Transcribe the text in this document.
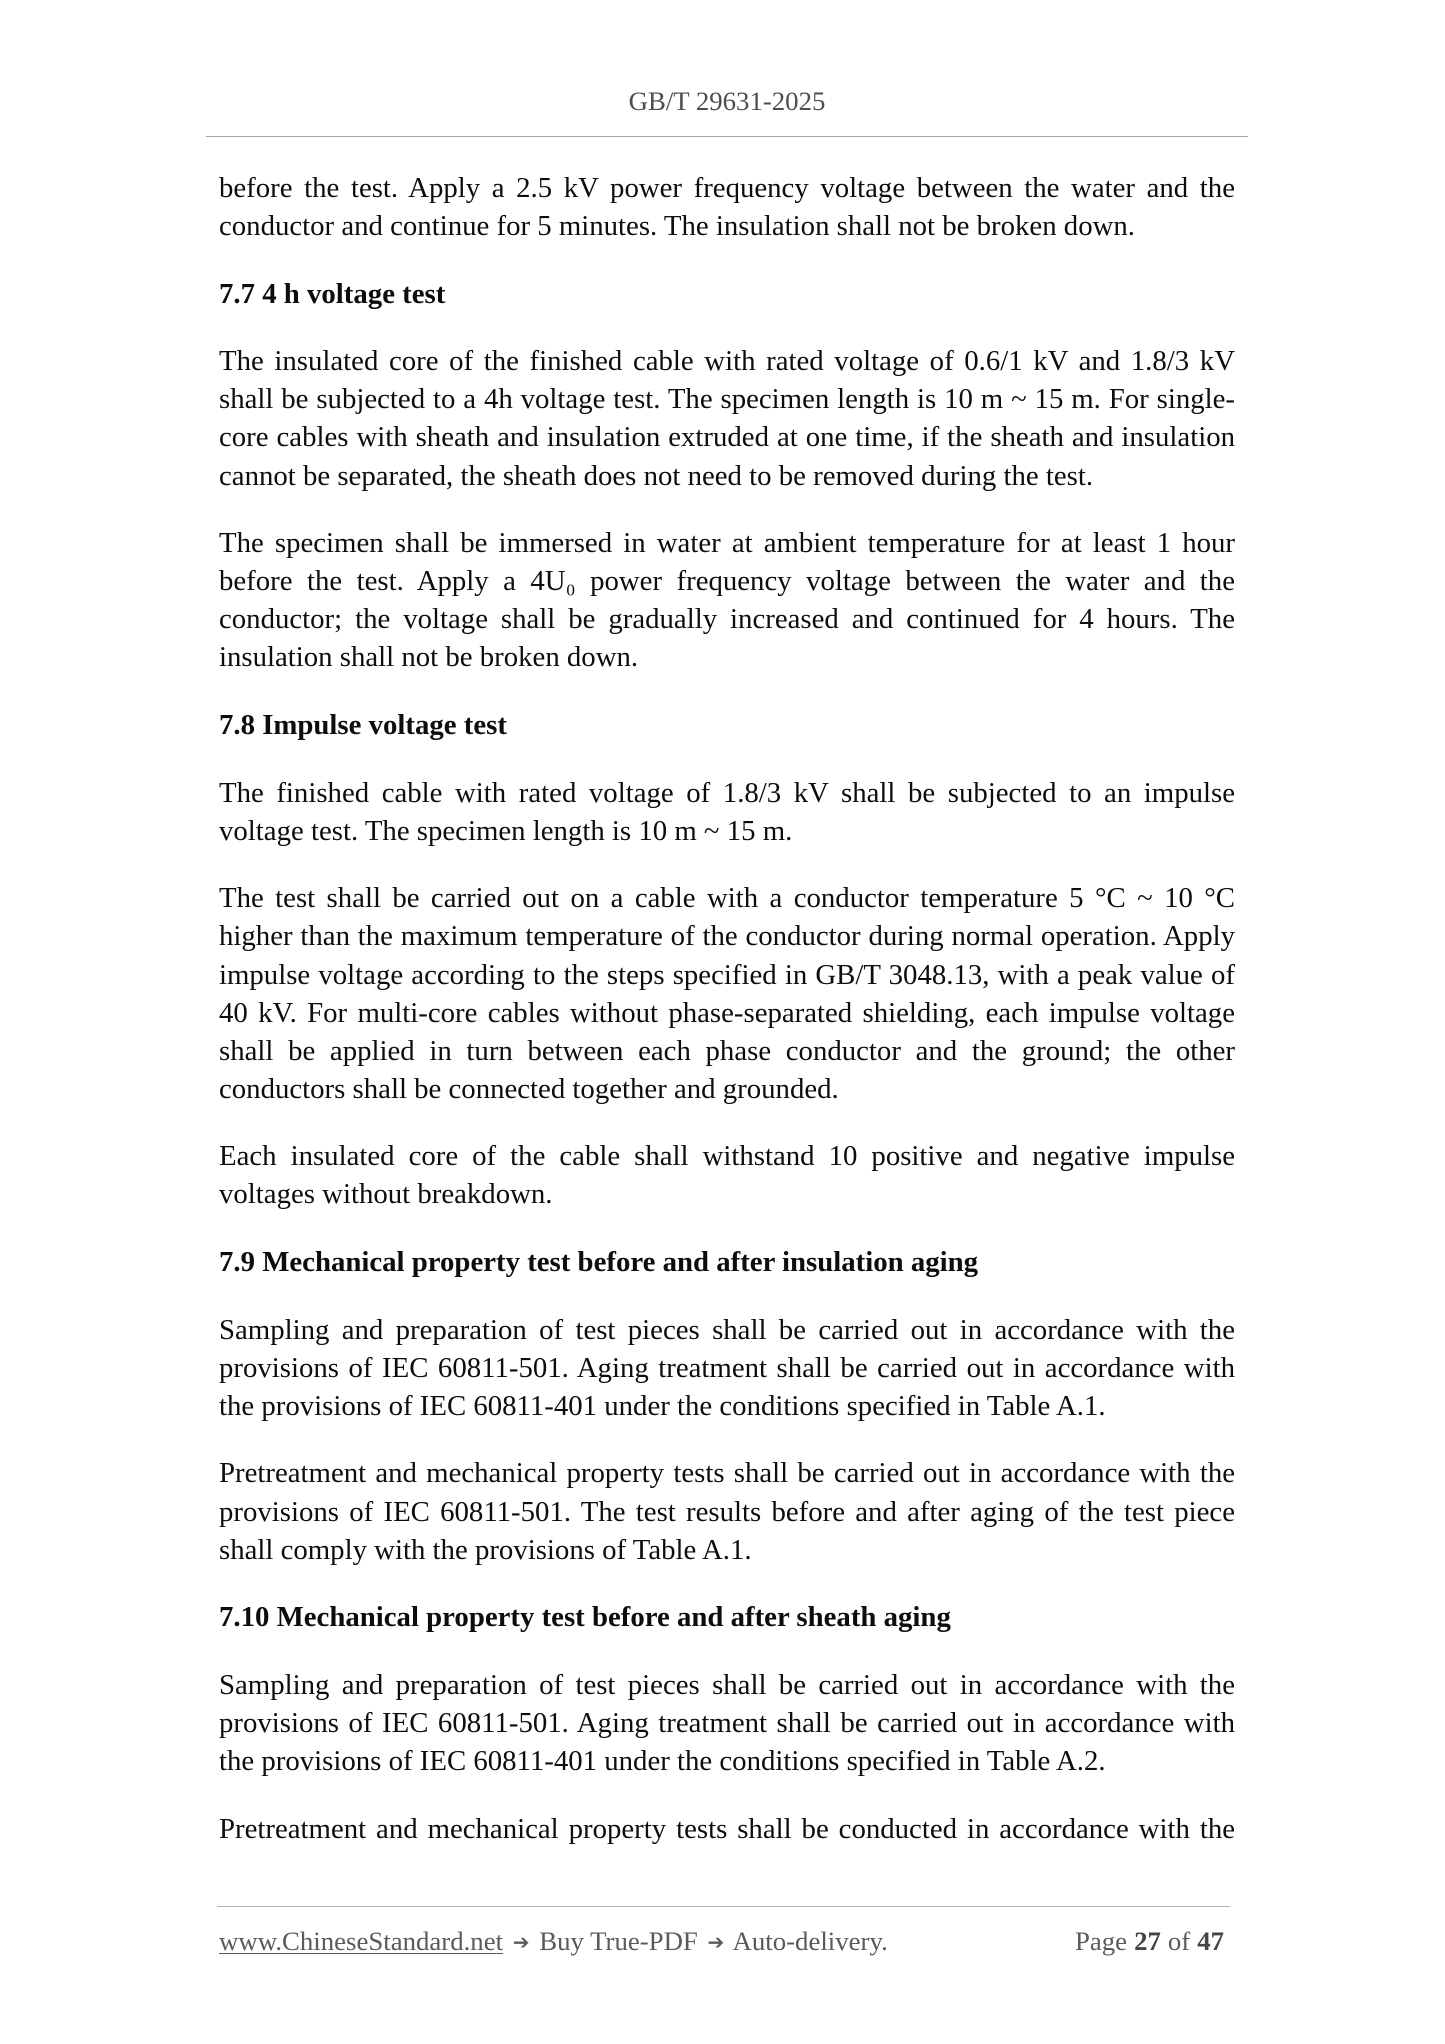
GB/T 29631-2025
before the test. Apply a 2.5 kV power frequency voltage between the water and the
conductor and continue for 5 minutes. The insulation shall not be broken down.
7.7 4 h voltage test
The insulated core of the finished cable with rated voltage of 0.6/1 kV and 1.8/3 kV
shall be subjected to a 4h voltage test. The specimen length is 10 m ~ 15 m. For single-
core cables with sheath and insulation extruded at one time, if the sheath and insulation
cannot be separated, the sheath does not need to be removed during the test.
The specimen shall be immersed in water at ambient temperature for at least 1 hour
before the test. Apply a 4U₀ power frequency voltage between the water and the
conductor; the voltage shall be gradually increased and continued for 4 hours. The
insulation shall not be broken down.
7.8 Impulse voltage test
The finished cable with rated voltage of 1.8/3 kV shall be subjected to an impulse
voltage test. The specimen length is 10 m ~ 15 m.
The test shall be carried out on a cable with a conductor temperature 5 °C ~ 10 °C
higher than the maximum temperature of the conductor during normal operation. Apply
impulse voltage according to the steps specified in GB/T 3048.13, with a peak value of
40 kV. For multi-core cables without phase-separated shielding, each impulse voltage
shall be applied in turn between each phase conductor and the ground; the other
conductors shall be connected together and grounded.
Each insulated core of the cable shall withstand 10 positive and negative impulse
voltages without breakdown.
7.9 Mechanical property test before and after insulation aging
Sampling and preparation of test pieces shall be carried out in accordance with the
provisions of IEC 60811-501. Aging treatment shall be carried out in accordance with
the provisions of IEC 60811-401 under the conditions specified in Table A.1.
Pretreatment and mechanical property tests shall be carried out in accordance with the
provisions of IEC 60811-501. The test results before and after aging of the test piece
shall comply with the provisions of Table A.1.
7.10 Mechanical property test before and after sheath aging
Sampling and preparation of test pieces shall be carried out in accordance with the
provisions of IEC 60811-501. Aging treatment shall be carried out in accordance with
the provisions of IEC 60811-401 under the conditions specified in Table A.2.
Pretreatment and mechanical property tests shall be conducted in accordance with the
www.ChineseStandard.net ➔ Buy True-PDF ➔ Auto-delivery.	Page 27 of 47
